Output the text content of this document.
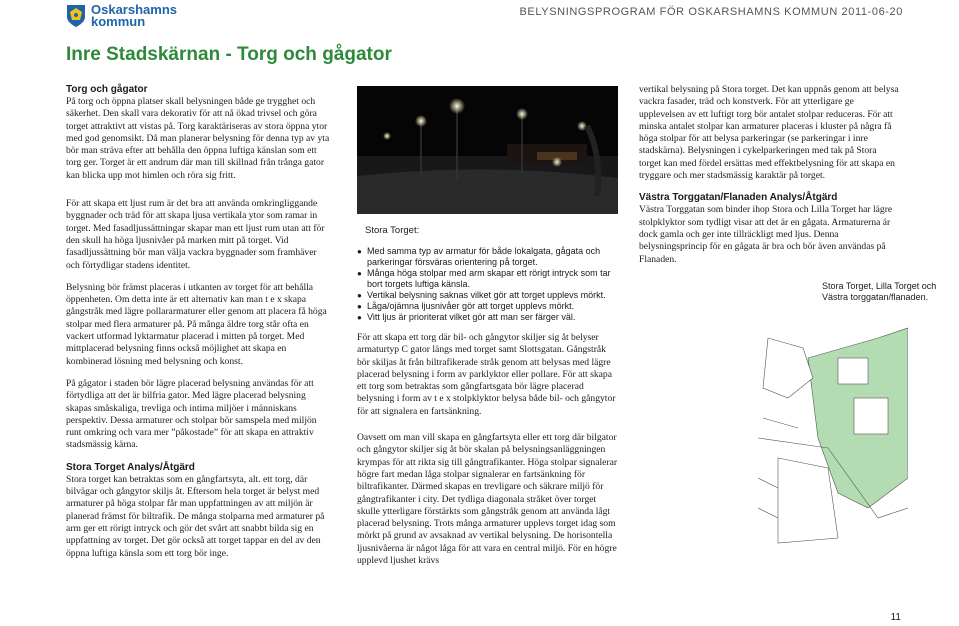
Oskarshamns
kommun
BELYSNINGSPROGRAM FÖR OSKARSHAMNS KOMMUN 2011-06-20
Inre Stadskärnan - Torg och gågator
Torg och gågator

På torg och öppna platser skall belysningen både ge trygghet och säkerhet. Den skall vara dekorativ för att nå ökad trivsel och göra torget attraktivt att vistas på. Torg karaktäriseras av stora öppna ytor med god genomsikt. Då man planerar belysning för denna typ av yta bör man sträva efter att behålla den öppna luftiga känslan som ett torg ger. Torget är ett andrum där man till skillnad från trånga gator kan blicka upp mot himlen och röra sig fritt.

För att skapa ett ljust rum är det bra att använda omkringliggande byggnader och träd för att skapa ljusa vertikala ytor som ramar in torget. Med fasadljussättningar skapar man ett ljust rum utan att för den skull ha höga ljusnivåer på marken mitt på torget. Vid fasadljussättning bör man välja vackra byggnader som framhäver och förtydligar stadens identitet.

Belysning bör främst placeras i utkanten av torget för att behålla öppenheten. Om detta inte är ett alternativ kan man t e x skapa gångstråk med lägre pollararmaturer eller genom att placera få höga stolpar med flera armaturer på. På många äldre torg står ofta en vackert utformad lyktarmatur placerad i mitten på torget. Med mittplacerad belysning finns också möjlighet att skapa en kombinerad lösning med belysning och konst.

På gågator i staden bör lägre placerad belysning användas för att förtydliga att det är bilfria gator. Med lägre placerad belysning skapas småskaliga, trevliga och intima miljöer i människans perspektiv. Dessa armaturer och stolpar bör samspela med miljön runt omkring och vara mer ”påkostade” för att skapa en attraktiv stadsmässig kärna.

Stora Torget Analys/Åtgärd

Stora torget kan betraktas som en gångfartsyta, alt. ett torg, där bilvägar och gångytor skiljs åt. Eftersom hela torget är belyst med armaturer på höga stolpar får man uppfattningen av att miljön är planerad främst för biltrafik. De många stolparna med armaturer på arm ger ett rörigt intryck och gör det svårt att snabbt bilda sig en uppfattning av torget. Det gör också att torget tappar en del av den öppna luftiga känsla som ett torg bör inge.

Stora Torget:
● Med samma typ av armatur för både lokalgata, gågata och parkeringar försväras orientering på torget.
● Många höga stolpar med arm skapar ett rörigt intryck som tar bort torgets luftiga känsla.
● Vertikal belysning saknas vilket gör att torget upplevs mörkt.
● Låga/ojämna ljusnivåer gör att torget upplevs mörkt.
● Vitt ljus är prioriterat vilket gör att man ser färger väl.

För att skapa ett torg där bil- och gångytor skiljer sig åt belyser armaturtyp C gator längs med torget samt Slottsgatan. Gångstråk bör skiljas åt från biltrafikerade stråk genom att belysas med lägre placerad belysning i form av parklyktor eller pollare. För att skapa ett torg som betraktas som gångfartsgata bör lägre placerad belysning i form av t e x stolpklyktor belysa både bil- och gångytor för att signalera en fartsänkning.

Oavsett om man vill skapa en gångfartsyta eller ett torg där bilgator och gångytor skiljer sig åt bör skalan på belysningsanläggningen krympas för att rikta sig till gångtrafikanter. Höga stolpar signalerar högre fart medan låga stolpar signalerar en fartsänkning för biltrafikanter. Därmed skapas en trevligare och säkrare miljö för gångtrafikanter i city. Det tydliga diagonala stråket över torget skulle ytterligare förstärkts som gångstråk genom att använda lågt placerad belysning. Trots många armaturer upplevs torget idag som mörkt på grund av avsaknad av vertikal belysning. De horisontella ljusnivåerna är något låga för att vara en central miljö. För en högre upplevd ljushet krävs

vertikal belysning på Stora torget. Det kan uppnås genom att belysa vackra fasader, träd och konstverk. För att ytterligare ge upplevelsen av ett luftigt torg bör antalet stolpar reduceras. För att minska antalet stolpar kan armaturer placeras i kluster på några få höga stolpar för att belysa parkeringar (se parkeringar i inre stadskärna). Belysningen i cykelparkeringen med tak på Stora torget kan med fördel ersättas med effektbelysning för att skapa en tryggare och mer stadsmässig karaktär på torget.

Västra Torggatan/Flanaden Analys/Åtgärd

Västra Torggatan som binder ihop Stora och Lilla Torget har lägre stolpklyktor som tydligt visar att det är en gågata. Armaturerna är dock gamla och ger inte tillräckligt med ljus. Denna belysningsprincip för en gågata är bra och bör även användas på Flanaden.

Stora Torget, Lilla Torget och Västra torggatan/flanaden.
11
